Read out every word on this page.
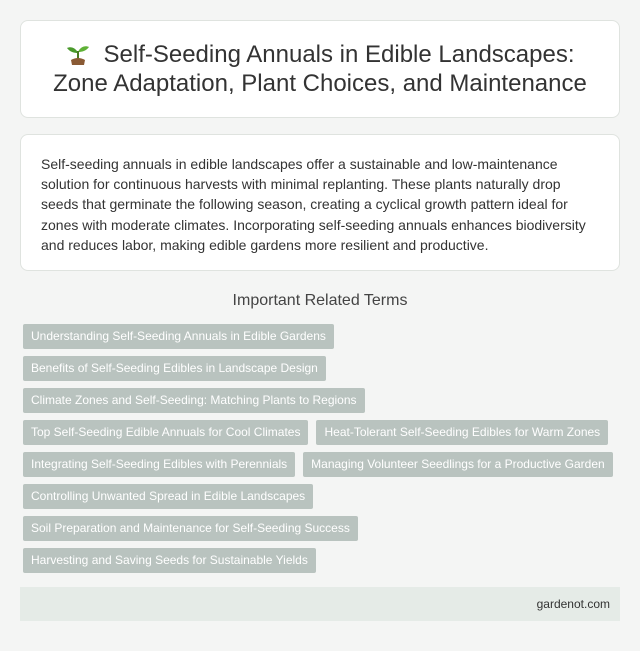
Self-Seeding Annuals in Edible Landscapes: Zone Adaptation, Plant Choices, and Maintenance

Self-seeding annuals in edible landscapes offer a sustainable and low-maintenance solution for continuous harvests with minimal replanting. These plants naturally drop seeds that germinate the following season, creating a cyclical growth pattern ideal for zones with moderate climates. Incorporating self-seeding annuals enhances biodiversity and reduces labor, making edible gardens more resilient and productive.

Important Related Terms
Understanding Self-Seeding Annuals in Edible Gardens
Benefits of Self-Seeding Edibles in Landscape Design
Climate Zones and Self-Seeding: Matching Plants to Regions
Top Self-Seeding Edible Annuals for Cool Climates	Heat-Tolerant Self-Seeding Edibles for Warm Zones
Integrating Self-Seeding Edibles with Perennials	Managing Volunteer Seedlings for a Productive Garden
Controlling Unwanted Spread in Edible Landscapes
Soil Preparation and Maintenance for Self-Seeding Success
Harvesting and Saving Seeds for Sustainable Yields
gardenot.com
